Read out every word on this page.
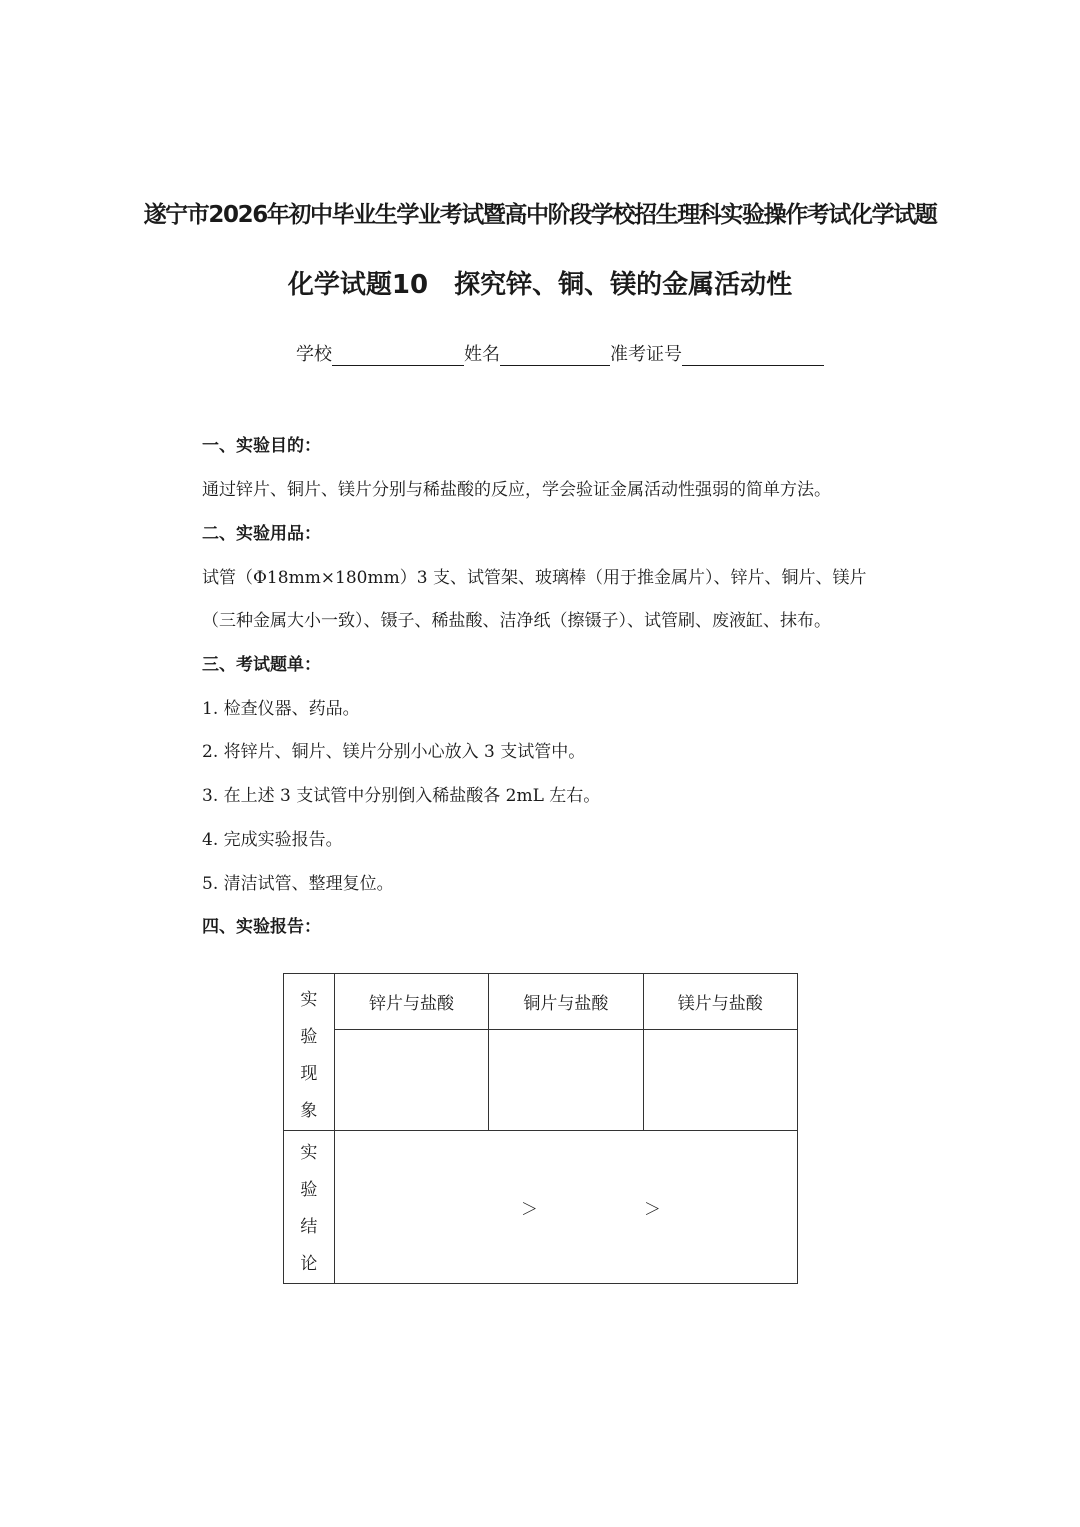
遂宁市2026年初中毕业生学业考试暨高中阶段学校招生理科实验操作考试化学试题
化学试题10　探究锌、铜、镁的金属活动性
学校	姓名	准考证号
一、实验目的：
通过锌片、铜片、镁片分别与稀盐酸的反应，学会验证金属活动性强弱的简单方法。
二、实验用品：
试管（Φ18mm×180mm）3 支、试管架、玻璃棒（用于推金属片）、锌片、铜片、镁片
（三种金属大小一致）、镊子、稀盐酸、洁净纸（擦镊子）、试管刷、废液缸、抹布。
三、考试题单：
1. 检查仪器、药品。
2. 将锌片、铜片、镁片分别小心放入 3 支试管中。
3. 在上述 3 支试管中分别倒入稀盐酸各 2mL 左右。
4. 完成实验报告。
5. 清洁试管、整理复位。
四、实验报告：
实
验
现
象	锌片与盐酸	铜片与盐酸	镁片与盐酸

实
验
结
论	＞ ＞		
